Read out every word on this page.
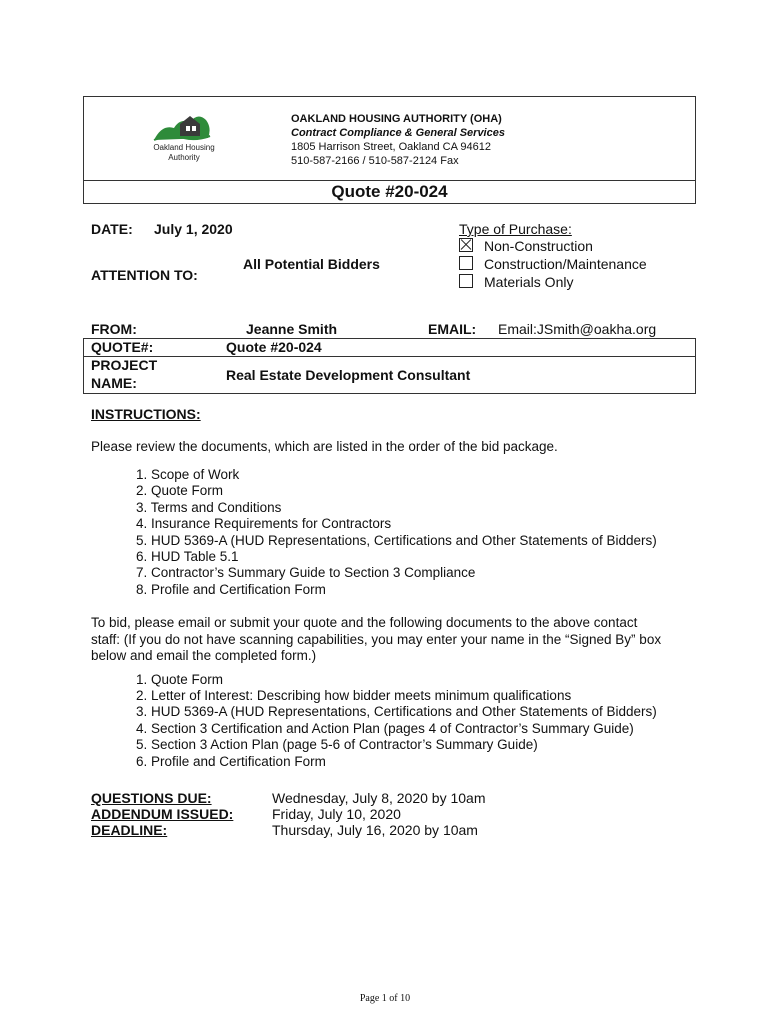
Oakland Housing
Authority
OAKLAND HOUSING AUTHORITY (OHA)
Contract Compliance & General Services
1805 Harrison Street, Oakland CA 94612
510-587-2166 / 510-587-2124 Fax
Quote #20-024
DATE: July 1, 2020
ATTENTION TO:
All Potential Bidders
Type of Purchase:
Non-Construction
Construction/Maintenance
Materials Only
FROM:	Jeanne Smith	EMAIL: Email:JSmith@oakha.org
QUOTE#:	Quote #20-024
PROJECT
NAME:	Real Estate Development Consultant
INSTRUCTIONS:
Please review the documents, which are listed in the order of the bid package.
1. Scope of Work
2. Quote Form
3. Terms and Conditions
4. Insurance Requirements for Contractors
5. HUD 5369-A (HUD Representations, Certifications and Other Statements of Bidders)
6. HUD Table 5.1
7. Contractor’s Summary Guide to Section 3 Compliance
8. Profile and Certification Form
To bid, please email or submit your quote and the following documents to the above contact
staff: (If you do not have scanning capabilities, you may enter your name in the “Signed By” box
below and email the completed form.)
1. Quote Form
2. Letter of Interest: Describing how bidder meets minimum qualifications
3. HUD 5369-A (HUD Representations, Certifications and Other Statements of Bidders)
4. Section 3 Certification and Action Plan (pages 4 of Contractor’s Summary Guide)
5. Section 3 Action Plan (page 5-6 of Contractor’s Summary Guide)
6. Profile and Certification Form
QUESTIONS DUE:	Wednesday, July 8, 2020 by 10am
ADDENDUM ISSUED:	Friday, July 10, 2020
DEADLINE:	Thursday, July 16, 2020 by 10am
Page 1 of 10
